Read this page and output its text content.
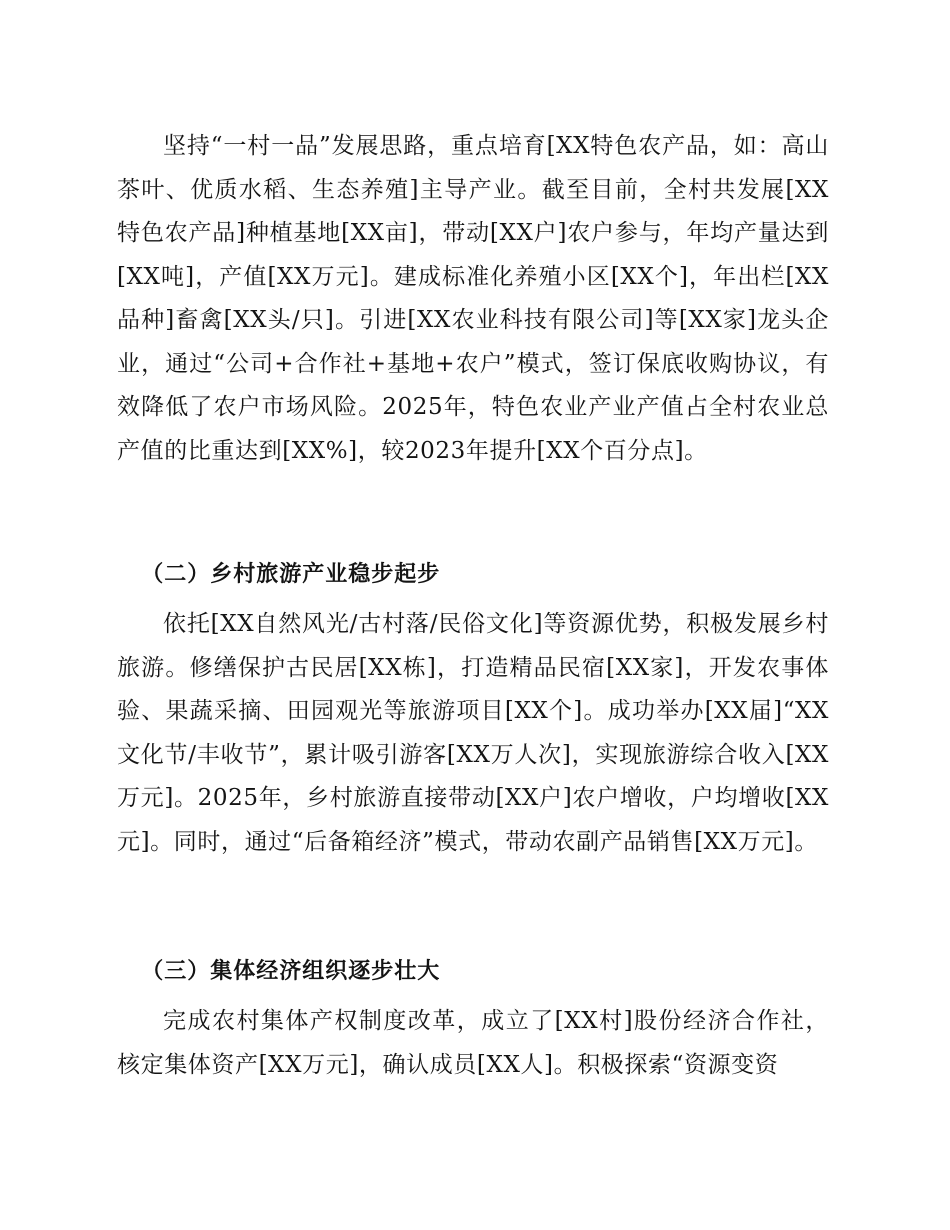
坚持“一村一品”发展思路，重点培育[XX特色农产品，如：高山茶叶、优质水稻、生态养殖]主导产业。截至目前，全村共发展[XX特色农产品]种植基地[XX亩]，带动[XX户]农户参与，年均产量达到[XX吨]，产值[XX万元]。建成标准化养殖小区[XX个]，年出栏[XX品种]畜禽[XX头/只]。引进[XX农业科技有限公司]等[XX家]龙头企业，通过“公司+合作社+基地+农户”模式，签订保底收购协议，有效降低了农户市场风险。2025年，特色农业产业产值占全村农业总产值的比重达到[XX%]，较2023年提升[XX个百分点]。

（二）乡村旅游产业稳步起步

依托[XX自然风光/古村落/民俗文化]等资源优势，积极发展乡村旅游。修缮保护古民居[XX栋]，打造精品民宿[XX家]，开发农事体验、果蔬采摘、田园观光等旅游项目[XX个]。成功举办[XX届]“XX文化节/丰收节”，累计吸引游客[XX万人次]，实现旅游综合收入[XX万元]。2025年，乡村旅游直接带动[XX户]农户增收，户均增收[XX元]。同时，通过“后备箱经济”模式，带动农副产品销售[XX万元]。

（三）集体经济组织逐步壮大

完成农村集体产权制度改革，成立了[XX村]股份经济合作社，核定集体资产[XX万元]，确认成员[XX人]。积极探索“资源变资
